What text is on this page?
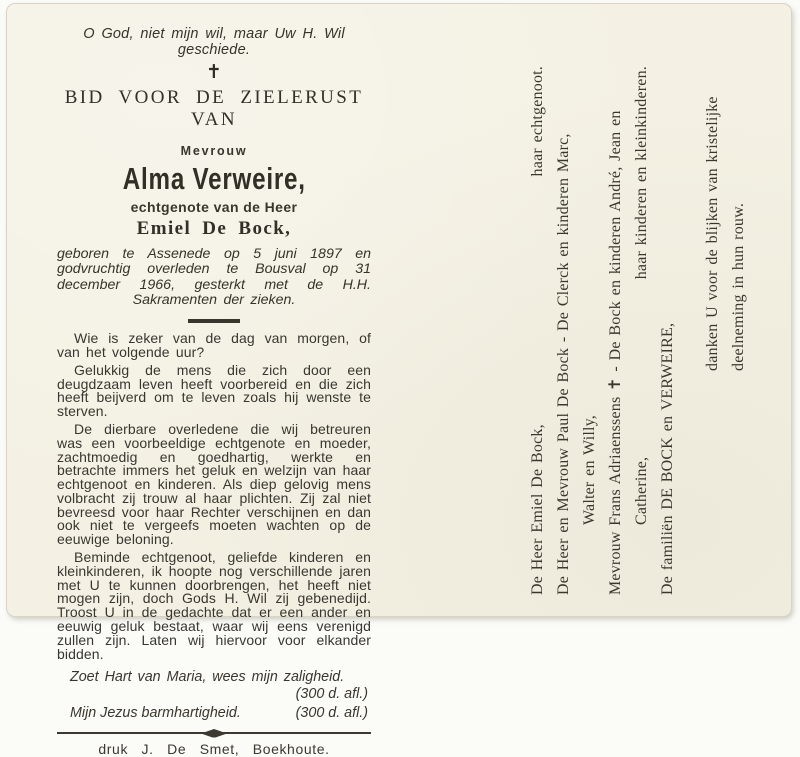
O God, niet mijn wil, maar Uw H. Wil geschiede.
✝
BID VOOR DE ZIELERUST VAN
Mevrouw
Alma Verweire,
echtgenote van de Heer
Emiel De Bock,
geboren te Assenede op 5 juni 1897 en godvruchtig overleden te Bousval op 31 december 1966, gesterkt met de H.H. Sakramenten der zieken.

Wie is zeker van de dag van morgen, of van het volgende uur?

Gelukkig de mens die zich door een deugdzaam leven heeft voorbereid en die zich heeft beijverd om te leven zoals hij wenste te sterven.

De dierbare overledene die wij betreuren was een voorbeeldige echtgenote en moeder, zachtmoedig en goedhartig, werkte en betrachte immers het geluk en welzijn van haar echtgenoot en kinderen. Als diep gelovig mens volbracht zij trouw al haar plichten. Zij zal niet bevreesd voor haar Rechter verschijnen en dan ook niet te vergeefs moeten wachten op de eeuwige beloning.

Beminde echtgenoot, geliefde kinderen en kleinkinderen, ik hoopte nog verschillende jaren met U te kunnen doorbrengen, het heeft niet mogen zijn, doch Gods H. Wil zij gebenedijd. Troost U in de gedachte dat er een ander en eeuwig geluk bestaat, waar wij eens verenigd zullen zijn. Laten wij hiervoor voor elkander bidden.

Zoet Hart van Maria, wees mijn zaligheid.
(300 d. afl.)
Mijn Jezus barmhartigheid.	(300 d. afl.)
druk J. De Smet, Boekhoute.
De Heer Emiel De Bock,
haar echtgenoot.
De Heer en Mevrouw Paul De Bock - De Clerck en kinderen Marc, Walter en Willy, Mevrouw Frans Adriaenssens ✝ - De Bock en kinderen André, Jean en Catherine,
haar kinderen en kleinkinderen.
De familiën DE BOCK en VERWEIRE,
danken U voor de blijken van kristelijke deelneming in hun rouw.
